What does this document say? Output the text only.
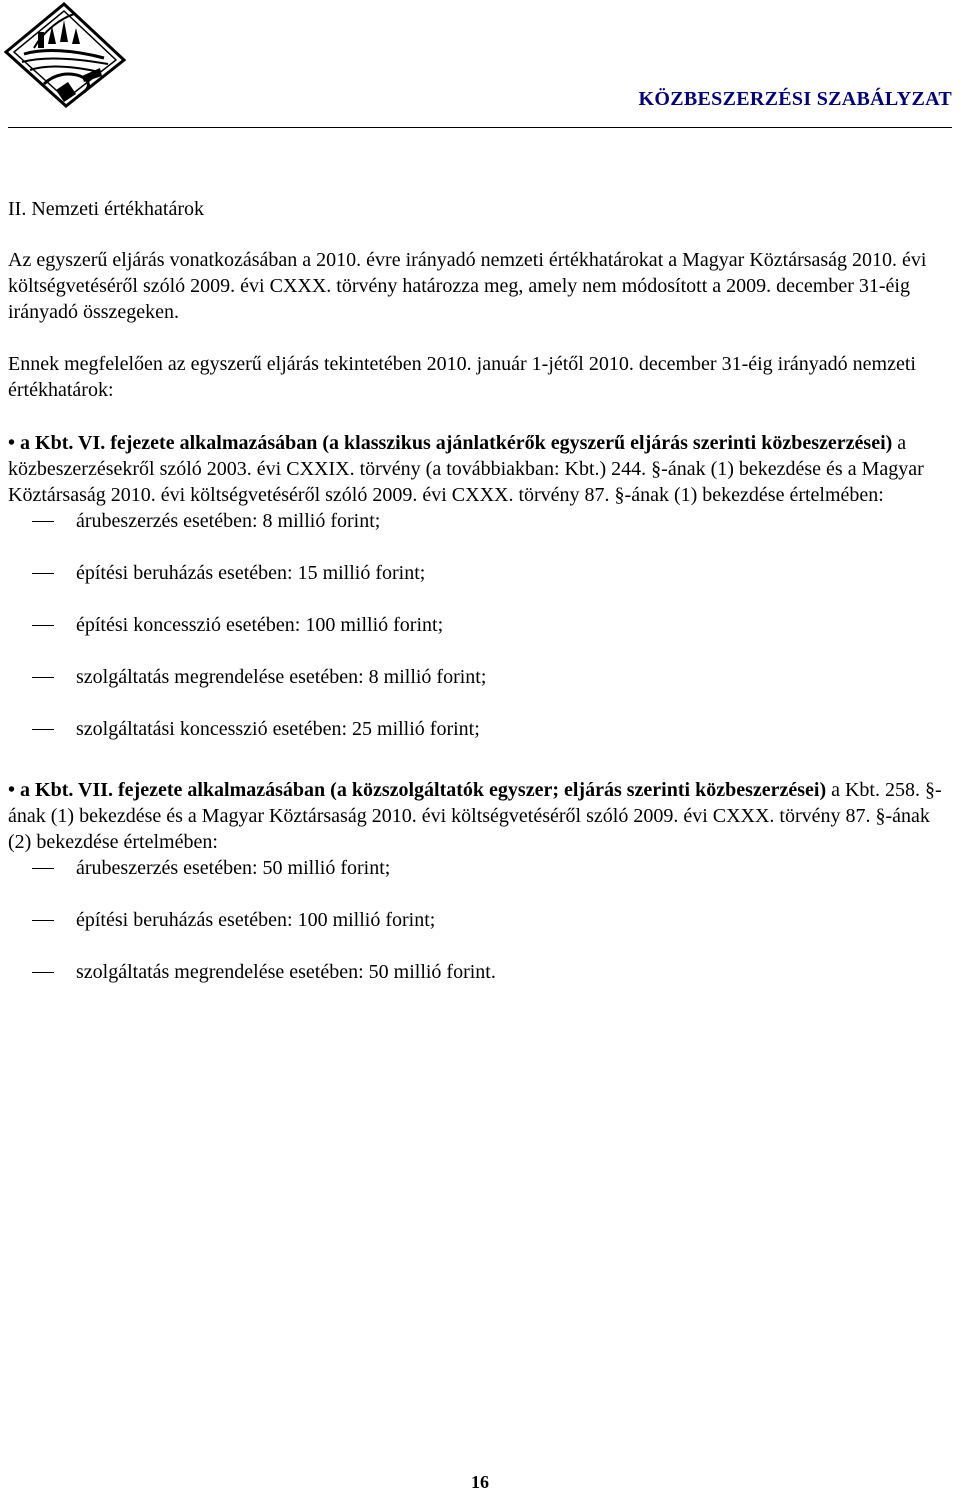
KÖZBESZERZÉSI SZABÁLYZAT

II. Nemzeti értékhatárok

Az egyszerű eljárás vonatkozásában a 2010. évre irányadó nemzeti értékhatárokat a Magyar Köztársaság 2010. évi költségvetéséről szóló 2009. évi CXXX. törvény határozza meg, amely nem módosított a 2009. december 31-éig irányadó összegeken.

Ennek megfelelően az egyszerű eljárás tekintetében 2010. január 1-jétől 2010. december 31-éig irányadó nemzeti értékhatárok:

• a Kbt. VI. fejezete alkalmazásában (a klasszikus ajánlatkérők egyszerű eljárás szerinti közbeszerzései) a közbeszerzésekről szóló 2003. évi CXXIX. törvény (a továbbiakban: Kbt.) 244. §-ának (1) bekezdése és a Magyar Köztársaság 2010. évi költségvetéséről szóló 2009. évi CXXX. törvény 87. §-ának (1) bekezdése értelmében:

árubeszerzés esetében: 8 millió forint;
építési beruházás esetében: 15 millió forint;
építési koncesszió esetében: 100 millió forint;
szolgáltatás megrendelése esetében: 8 millió forint;
szolgáltatási koncesszió esetében: 25 millió forint;

• a Kbt. VII. fejezete alkalmazásában (a közszolgáltatók egyszer; eljárás szerinti közbeszerzései) a Kbt. 258. §-ának (1) bekezdése és a Magyar Köztársaság 2010. évi költségvetéséről szóló 2009. évi CXXX. törvény 87. §-ának (2) bekezdése értelmében:

árubeszerzés esetében: 50 millió forint;
építési beruházás esetében: 100 millió forint;
szolgáltatás megrendelése esetében: 50 millió forint.
16
